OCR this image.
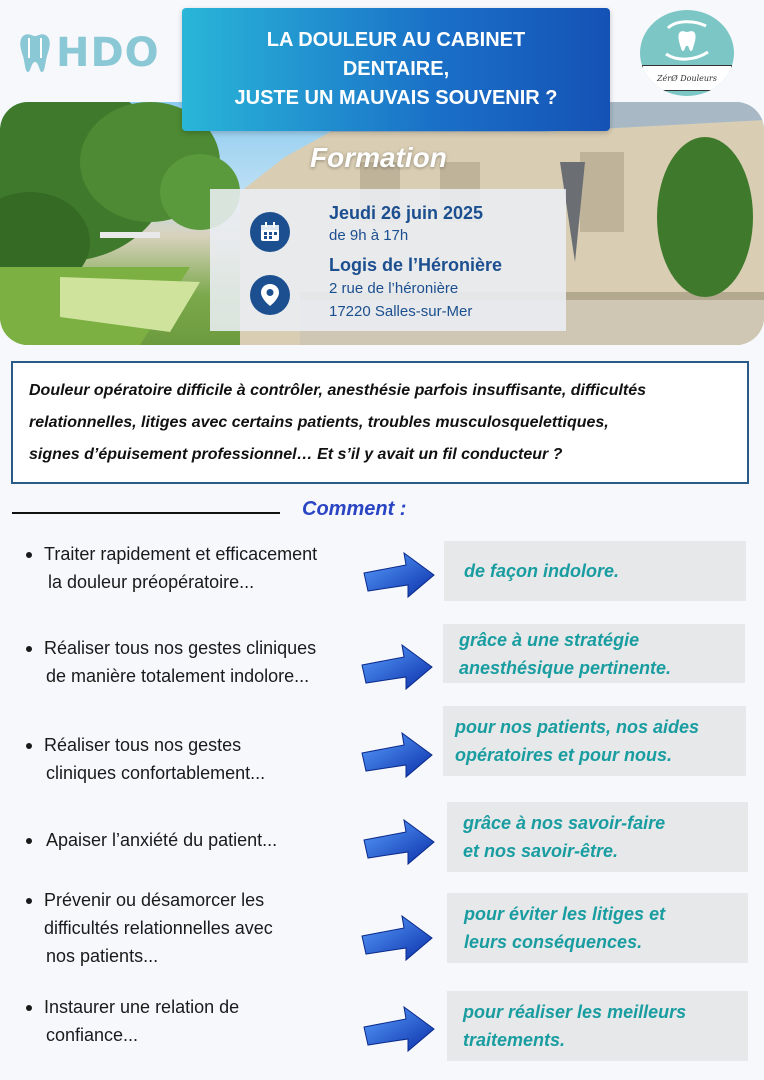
HDO	LA DOULEUR AU CABINET
DENTAIRE,
JUSTE UN MAUVAIS SOUVENIR ?
ZérØ Douleurs
Formation
Jeudi 26 juin 2025
de 9h à 17h
Logis de l’Héronière
2 rue de l’héronière
17220 Salles-sur-Mer
Douleur opératoire difficile à contrôler, anesthésie parfois insuffisante, difficultés
relationnelles, litiges avec certains patients, troubles musculosquelettiques,
signes d’épuisement professionnel… Et s’il y avait un fil conducteur ?
Comment :
Traiter rapidement et efficacement
la douleur préopératoire...
de façon indolore.
Réaliser tous nos gestes cliniques
de manière totalement indolore...
grâce à une stratégie
anesthésique pertinente.
Réaliser tous nos gestes
cliniques confortablement...
pour nos patients, nos aides
opératoires et pour nous.
Apaiser l’anxiété du patient...
grâce à nos savoir-faire
et nos savoir-être.
Prévenir ou désamorcer les
difficultés relationnelles avec
nos patients...
pour éviter les litiges et
leurs conséquences.
Instaurer une relation de
confiance...
pour réaliser les meilleurs
traitements.
